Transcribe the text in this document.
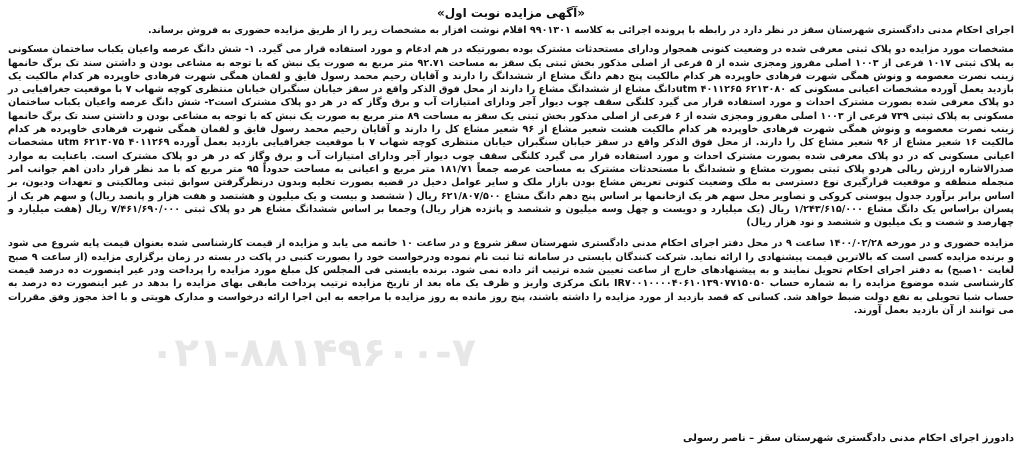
«آگهی مزایده نوبت اول»

اجرای احکام مدنی دادگستری شهرستان سقز در نظر دارد در رابطه با پرونده اجرائی به کلاسه ۹۹۰۱۳۰۱ اقلام نوشت افزار به مشخصات زیر را از طریق مزایده حضوری به فروش برساند.

مشخصات مورد مزایده دو پلاک ثبتی معرفی شده در وضعیت کنونی همجوار ودارای مستحدثات مشترک بوده بصورتیکه در هم ادغام و مورد استفاده قرار می گیرد. ۱- شش دانگ عرصه واعیان یکباب ساختمان مسکونی به پلاک ثبتی ۱۰۱۷ فرعی از ۱۰۰۳ اصلی مفروز ومجزی شده از ۵ فرعی از اصلی مذکور بخش ثبتی یک سقز به مساحت ۹۲.۷۱ متر مربع به صورت یک نبش که با توجه به مشاعی بودن و داشتن سند تک برگ خانمها زینب نصرت معصومه و ونوش همگی شهرت فرهادی خاوپرده هر کدام مالکیت پنج دهم دانگ مشاع از ششدانگ را دارند و آقایان رحیم محمد رسول فایق و لقمان همگی شهرت فرهادی خاوپرده هر کدام مالکیت یک بازدید یعمل آورده مشخصات اعیانی مسکونی که ۶۲۱۳۰۸۰ ۴۰۱۱۲۶۵ utmدانگ مشاع از ششدانگ مشاع را دارند از محل فوق الذکر واقع در سقز خیابان سنگبران خیابان منتظری کوچه شهاب ۷ با موقعیت جغرافیایی در دو پلاک معرفی شده بصورت مشترک احداث و مورد استفاده قرار می گیرد کلنگی سقف چوب دیوار آجر ودارای امتیازات آب و برق وگاز که در هر دو پلاک مشترک است۲- شش دانگ عرصه واعیان یکباب ساختمان مسکونی به پلاک ثبتی ۷۳۹ فرعی از ۱۰۰۳ اصلی مفروز ومجزی شده از ۶ فرعی از اصلی مذکور بخش ثبتی یک سقز به مساحت ۸۹ متر مربع به صورت یک نبش که با توجه به مشاعی بودن و داشتن سند تک برگ خانمها زینب نصرت معصومه و ونوش همگی شهرت فرهادی خاوپرده هر کدام مالکیت هشت شعیر مشاع از ۹۶ شعیر مشاع کل را دارند و آقایان رحیم محمد رسول فایق و لقمان همگی شهرت فرهادی خاوپرده هر کدام مالکیت ۱۶ شعیر مشاع از ۹۶ شعیر مشاع کل را دارند. از محل فوق الذکر واقع در سقز خیابان سنگبران خیابان منتظری کوچه شهاب ۷ با موقعیت جغرافیایی بازدید بعمل آورده ۴۰۱۱۲۶۹ ۶۲۱۳۰۷۵ utm مشخصات اعیانی مسکونی که در دو پلاک معرفی شده بصورت مشترک احداث و مورد استفاده قرار می گیرد کلنگی سقف چوب دیوار آجر ودارای امتیازات آب و برق وگاز که در هر دو پلاک مشترک است. باعنایت به موارد صدرالاشاره ارزش ریالی هردو پلاک ثبتی بصورت مشاع و ششدانگ با مستحدثات مشترک به مساحت عرصه جمعاً ۱۸۱/۷۱ متر مربع و اعیانی به مساحت حدوداً ۹۵ متر مربع که با مد نظر قرار دادن اهم جوانب امر منجمله منطقه و موقعیت قرارگیری نوع دسترسی به ملک وضعیت کنونی تعریض مشاع بودن بازار ملک و سایر عوامل دخیل در قضیه بصورت تخلیه وبدون درنظرگرفتن سوابق ثبتی ومالکیتی و تعهدات ودیون، بر اساس برابر برآورد جدول پیوستی کروکی و تصاویر محل سهم هر یک ازخانمها بر اساس پنج دهم دانگ مشاع ۶۲۱/۸۰۷/۵۰۰ ریال ( ششصد و بیست و یک میلیون و هشتصد و هفت هزار و پانصد ریال) و سهم هر یک از پسران براساس یک دانگ مشاع ۱/۲۴۳/۶۱۵/۰۰۰ ریال (یک میلیارد و دویست و چهل وسه میلیون و ششصد و پانزده هزار ریال) وجمعا بر اساس ششدانگ مشاع هر دو پلاک ثبتی ۷/۴۶۱/۶۹۰/۰۰۰ ریال (هفت میلیارد و چهارصد و شصت و یک میلیون و ششصد و نود هزار ریال)

مزایده حضوری و در مورخه ۱۴۰۰/۰۲/۲۸ ساعت ۹ در محل دفتر اجرای احکام مدنی دادگستری شهرستان سقز شروع و در ساعت ۱۰ خاتمه می یابد و مزایده از قیمت کارشناسی شده بعنوان قیمت پایه شروع می شود و برنده مزایده کسی است که بالاترین قیمت پیشنهادی را ارائه نماید. شرکت کنندگان بایستی در سامانه ثنا ثبت نام نموده ودرخواست خود را بصورت کتبی در پاکت در بسته در زمان برگزاری مزایده (از ساعت ۹ صبح لغایت ۱۰صبح) به دفتر اجرای احکام تحویل نمایند و به پیشنهادهای خارج از ساعت تعیین شده ترتیب اثر داده نمی شود. برنده بایستی فی المجلس کل مبلغ مورد مزایده را پرداخت ودر غیر اینصورت ده درصد قیمت کارشناسی شده موضوع مزایده را به شماره حساب IR۷۰۰۱۰۰۰۰۴۰۶۱۰۱۳۹۰۷۷۱۵۰۵۰ بانک مرکزی واریز و ظرف یک ماه بعد از تاریخ مزایده ترتیب پرداخت مابقی بهای مزایده را بدهد در غیر اینصورت ده درصد به حساب شبا تحویلی به نفع دولت ضبط خواهد شد. کسانی که قصد بازدید از مورد مزایده را داشته باشند، پنج روز مانده به روز مزایده با مراجعه به این اجرا ارائه درخواست و مدارک هویتی و با اخذ مجوز وفق مقررات می توانند از آن بازدید بعمل آورند.

۰۲۱-۸۸۱۴۹۶۰۰-۷
دادورز اجرای احکام مدنی دادگستری شهرستان سقز – ناصر رسولی
